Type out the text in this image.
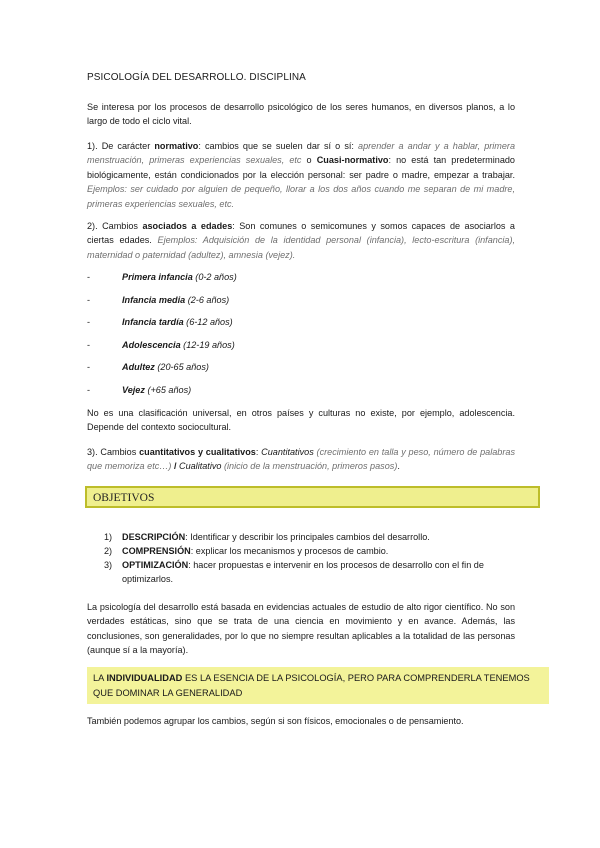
PSICOLOGÍA DEL DESARROLLO. DISCIPLINA
Se interesa por los procesos de desarrollo psicológico de los seres humanos, en diversos planos, a lo largo de todo el ciclo vital.
1). De carácter normativo: cambios que se suelen dar sí o sí: aprender a andar y a hablar, primera menstruación, primeras experiencias sexuales, etc o Cuasi-normativo: no está tan predeterminado biológicamente, están condicionados por la elección personal: ser padre o madre, empezar a trabajar. Ejemplos: ser cuidado por alguien de pequeño, llorar a los dos años cuando me separan de mi madre, primeras experiencias sexuales, etc.
2). Cambios asociados a edades: Son comunes o semicomunes y somos capaces de asociarlos a ciertas edades. Ejemplos: Adquisición de la identidad personal (infancia), lecto-escritura (infancia), maternidad o paternidad (adultez), amnesia (vejez).
-	Primera infancia (0-2 años)
-	Infancia media (2-6 años)
-	Infancia tardía (6-12 años)
-	Adolescencia (12-19 años)
-	Adultez (20-65 años)
-	Vejez (+65 años)
No es una clasificación universal, en otros países y culturas no existe, por ejemplo, adolescencia. Depende del contexto sociocultural.
3). Cambios cuantitativos y cualitativos: Cuantitativos (crecimiento en talla y peso, número de palabras que memoriza etc…) / Cualitativo (inicio de la menstruación, primeros pasos).
OBJETIVOS
1)	DESCRIPCIÓN: Identificar y describir los principales cambios del desarrollo.
2)	COMPRENSIÓN: explicar los mecanismos y procesos de cambio.
3)	OPTIMIZACIÓN: hacer propuestas e intervenir en los procesos de desarrollo con el fin de optimizarlos.
La psicología del desarrollo está basada en evidencias actuales de estudio de alto rigor científico. No son verdades estáticas, sino que se trata de una ciencia en movimiento y en avance. Además, las conclusiones, son generalidades, por lo que no siempre resultan aplicables a la totalidad de las personas (aunque sí a la mayoría).
LA INDIVIDUALIDAD ES LA ESENCIA DE LA PSICOLOGÍA, PERO PARA COMPRENDERLA TENEMOS QUE DOMINAR LA GENERALIDAD
También podemos agrupar los cambios, según si son físicos, emocionales o de pensamiento.
